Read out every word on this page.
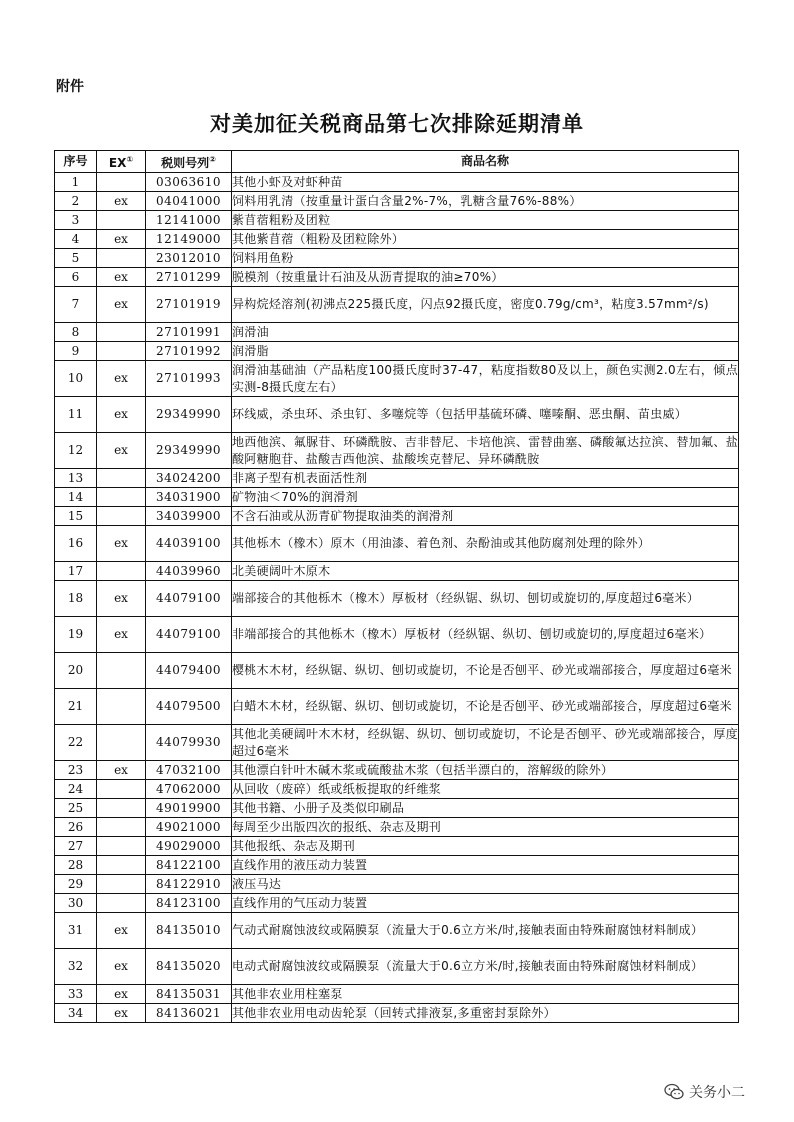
附件
对美加征关税商品第七次排除延期清单
序号	EX①	税则号列②	商品名称
1		03063610	其他小虾及对虾种苗
2	ex	04041000	饲料用乳清（按重量计蛋白含量2%-7%，乳糖含量76%-88%）
3		12141000	紫苜蓿粗粉及团粒
4	ex	12149000	其他紫苜蓿（粗粉及团粒除外）
5		23012010	饲料用鱼粉
6	ex	27101299	脱模剂（按重量计石油及从沥青提取的油≥70%）
7	ex	27101919	异构烷烃溶剂(初沸点225摄氏度，闪点92摄氏度，密度0.79g/cm³，粘度3.57mm²/s)
8		27101991	润滑油
9		27101992	润滑脂
10	ex	27101993	润滑油基础油（产品粘度100摄氏度时37-47，粘度指数80及以上，颜色实测2.0左右，倾点实测-8摄氏度左右）
11	ex	29349990	环线威，杀虫环、杀虫钉、多噻烷等（包括甲基硫环磷、噻嗪酮、恶虫酮、苗虫威）
12	ex	29349990	地西他滨、氟脲苷、环磷酰胺、吉非替尼、卡培他滨、雷替曲塞、磷酸氟达拉滨、替加氟、盐酸阿糖胞苷、盐酸吉西他滨、盐酸埃克替尼、异环磷酰胺
13		34024200	非离子型有机表面活性剂
14		34031900	矿物油＜70%的润滑剂
15		34039900	不含石油或从沥青矿物提取油类的润滑剂
16	ex	44039100	其他栎木（橡木）原木（用油漆、着色剂、杂酚油或其他防腐剂处理的除外）
17		44039960	北美硬阔叶木原木
18	ex	44079100	端部接合的其他栎木（橡木）厚板材（经纵锯、纵切、刨切或旋切的,厚度超过6毫米）
19	ex	44079100	非端部接合的其他栎木（橡木）厚板材（经纵锯、纵切、刨切或旋切的,厚度超过6毫米）
20		44079400	樱桃木木材，经纵锯、纵切、刨切或旋切，不论是否刨平、砂光或端部接合，厚度超过6毫米
21		44079500	白蜡木木材，经纵锯、纵切、刨切或旋切，不论是否刨平、砂光或端部接合，厚度超过6毫米
22		44079930	其他北美硬阔叶木木材，经纵锯、纵切、刨切或旋切，不论是否刨平、砂光或端部接合，厚度超过6毫米
23	ex	47032100	其他漂白针叶木碱木浆或硫酸盐木浆（包括半漂白的，溶解级的除外）
24		47062000	从回收（废碎）纸或纸板提取的纤维浆
25		49019900	其他书籍、小册子及类似印刷品
26		49021000	每周至少出版四次的报纸、杂志及期刊
27		49029000	其他报纸、杂志及期刊
28		84122100	直线作用的液压动力装置
29		84122910	液压马达
30		84123100	直线作用的气压动力装置
31	ex	84135010	气动式耐腐蚀波纹或隔膜泵（流量大于0.6立方米/时,接触表面由特殊耐腐蚀材料制成）
32	ex	84135020	电动式耐腐蚀波纹或隔膜泵（流量大于0.6立方米/时,接触表面由特殊耐腐蚀材料制成）
33	ex	84135031	其他非农业用柱塞泵
34	ex	84136021	其他非农业用电动齿轮泵（回转式排液泵,多重密封泵除外）
关务小二
